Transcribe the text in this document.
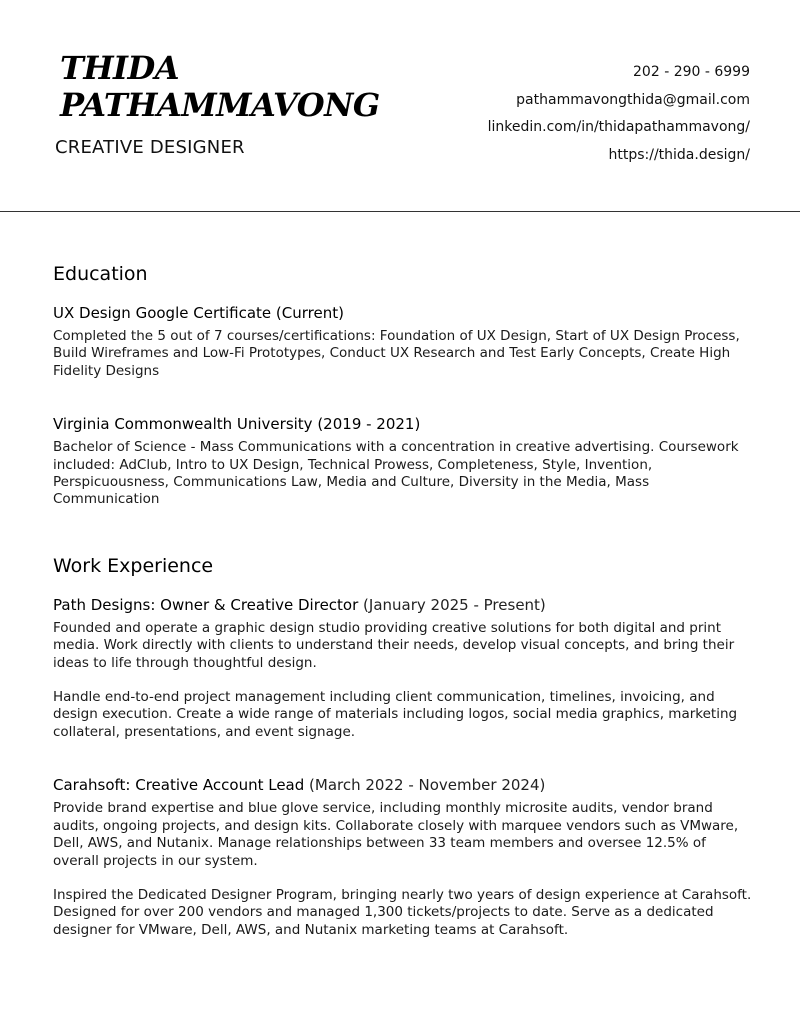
THIDA
PATHAMMAVONG
CREATIVE DESIGNER
202 - 290 - 6999
pathammavongthida@gmail.com
linkedin.com/in/thidapathammavong/
https://thida.design/
Education
UX Design Google Certificate (Current)

Completed the 5 out of 7 courses/certifications: Foundation of UX Design, Start of UX Design Process, Build Wireframes and Low-Fi Prototypes, Conduct UX Research and Test Early Concepts, Create High Fidelity Designs

Virginia Commonwealth University (2019 - 2021)

Bachelor of Science - Mass Communications with a concentration in creative advertising. Coursework included: AdClub, Intro to UX Design, Technical Prowess, Completeness, Style, Invention, Perspicuousness, Communications Law, Media and Culture, Diversity in the Media, Mass Communication

Work Experience
Path Designs: Owner & Creative Director (January 2025 - Present)

Founded and operate a graphic design studio providing creative solutions for both digital and print media. Work directly with clients to understand their needs, develop visual concepts, and bring their ideas to life through thoughtful design.

Handle end-to-end project management including client communication, timelines, invoicing, and design execution. Create a wide range of materials including logos, social media graphics, marketing collateral, presentations, and event signage.

Carahsoft: Creative Account Lead (March 2022 - November 2024)

Provide brand expertise and blue glove service, including monthly microsite audits, vendor brand audits, ongoing projects, and design kits. Collaborate closely with marquee vendors such as VMware, Dell, AWS, and Nutanix. Manage relationships between 33 team members and oversee 12.5% of overall projects in our system.

Inspired the Dedicated Designer Program, bringing nearly two years of design experience at Carahsoft. Designed for over 200 vendors and managed 1,300 tickets/projects to date. Serve as a dedicated designer for VMware, Dell, AWS, and Nutanix marketing teams at Carahsoft.
